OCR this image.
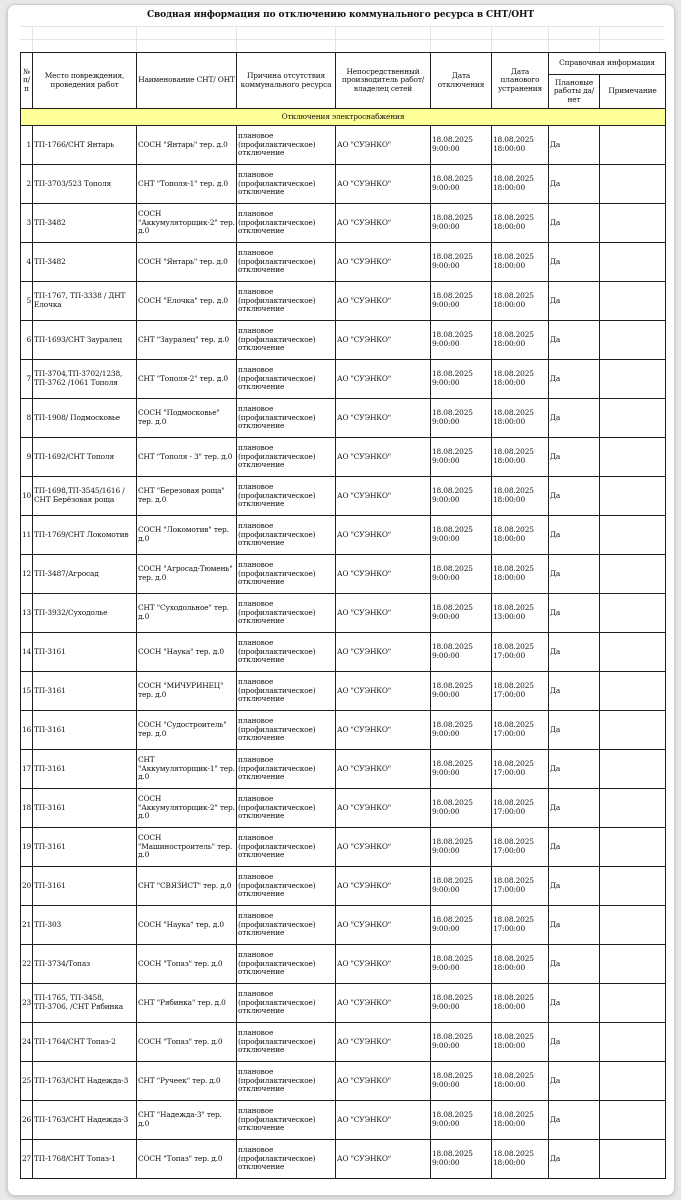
Сводная информация по отключению коммунального ресурса в СНТ/ОНТ
№ п/ п	Место повреждения, проведения работ	Наименование СНТ/ ОНТ	Причина отсутствия коммунального ресурса	Непосредственный производитель работ/ владелец сетей	Дата отключения	Дата планового устранения	Справочная информация	
							Плановые работы да/нет	Примечание
Отключения электроснабжения								
1	ТП-1766/СНТ Янтарь	СОСН "Янтарь" тер. д.0	плановое (профилактическое) отключение	АО "СУЭНКО"	18.08.2025 9:00:00	18.08.2025 18:00:00	Да	
2	ТП-3703/523 Тополя	СНТ "Тополя-1" тер. д.0	плановое (профилактическое) отключение	АО "СУЭНКО"	18.08.2025 9:00:00	18.08.2025 18:00:00	Да	
3	ТП-3482	СОСН "Аккумуляторщик-2" тер. д.0	плановое (профилактическое) отключение	АО "СУЭНКО"	18.08.2025 9:00:00	18.08.2025 18:00:00	Да	
4	ТП-3482	СОСН "Янтарь" тер. д.0	плановое (профилактическое) отключение	АО "СУЭНКО"	18.08.2025 9:00:00	18.08.2025 18:00:00	Да	
5	ТП-1767, ТП-3338 / ДНТ Елочка	СОСН "Елочка" тер. д.0	плановое (профилактическое) отключение	АО "СУЭНКО"	18.08.2025 9:00:00	18.08.2025 18:00:00	Да	
6	ТП-1693/СНТ Зауралец	СНТ "Зауралец" тер. д.0	плановое (профилактическое) отключение	АО "СУЭНКО"	18.08.2025 9:00:00	18.08.2025 18:00:00	Да	
7	ТП-3704,ТП-3702/1238, ТП-3762 /1061 Тополя	СНТ "Тополя-2" тер. д.0	плановое (профилактическое) отключение	АО "СУЭНКО"	18.08.2025 9:00:00	18.08.2025 18:00:00	Да	
8	ТП-1908/ Подмосковье	СОСН "Подмосковье" тер. д.0	плановое (профилактическое) отключение	АО "СУЭНКО"	18.08.2025 9:00:00	18.08.2025 18:00:00	Да	
9	ТП-1692/СНТ Тополя	СНТ "Тополя - 3" тер. д.0	плановое (профилактическое) отключение	АО "СУЭНКО"	18.08.2025 9:00:00	18.08.2025 18:00:00	Да	
10	ТП-1698,ТП-3545/1616 /СНТ Берёзовая роща	СНТ "Березовая роща" тер. д.0	плановое (профилактическое) отключение	АО "СУЭНКО"	18.08.2025 9:00:00	18.08.2025 18:00:00	Да	
11	ТП-1769/СНТ Локомотив	СОСН "Локомотив" тер. д.0	плановое (профилактическое) отключение	АО "СУЭНКО"	18.08.2025 9:00:00	18.08.2025 18:00:00	Да	
12	ТП-3487/Агросад	СОСН "Агросад-Тюмень" тер. д.0	плановое (профилактическое) отключение	АО "СУЭНКО"	18.08.2025 9:00:00	18.08.2025 18:00:00	Да	
13	ТП-3932/Суходолье	СНТ "Суходольное" тер. д.0	плановое (профилактическое) отключение	АО "СУЭНКО"	18.08.2025 9:00:00	18.08.2025 13:00:00	Да	
14	ТП-3161	СОСН "Наука" тер. д.0	плановое (профилактическое) отключение	АО "СУЭНКО"	18.08.2025 9:00:00	18.08.2025 17:00:00	Да	
15	ТП-3161	СОСН "МИЧУРИНЕЦ" тер. д.0	плановое (профилактическое) отключение	АО "СУЭНКО"	18.08.2025 9:00:00	18.08.2025 17:00:00	Да	
16	ТП-3161	СОСН "Судостроитель" тер. д.0	плановое (профилактическое) отключение	АО "СУЭНКО"	18.08.2025 9:00:00	18.08.2025 17:00:00	Да	
17	ТП-3161	СНТ "Аккумуляторщик-1" тер. д.0	плановое (профилактическое) отключение	АО "СУЭНКО"	18.08.2025 9:00:00	18.08.2025 17:00:00	Да	
18	ТП-3161	СОСН "Аккумуляторщик-2" тер. д.0	плановое (профилактическое) отключение	АО "СУЭНКО"	18.08.2025 9:00:00	18.08.2025 17:00:00	Да	
19	ТП-3161	СОСН "Машиностроитель" тер. д.0	плановое (профилактическое) отключение	АО "СУЭНКО"	18.08.2025 9:00:00	18.08.2025 17:00:00	Да	
20	ТП-3161	СНТ "СВЯЗИСТ" тер. д.0	плановое (профилактическое) отключение	АО "СУЭНКО"	18.08.2025 9:00:00	18.08.2025 17:00:00	Да	
21	ТП-303	СОСН "Наука" тер. д.0	плановое (профилактическое) отключение	АО "СУЭНКО"	18.08.2025 9:00:00	18.08.2025 17:00:00	Да	
22	ТП-3734/Топаз	СОСН "Топаз" тер. д.0	плановое (профилактическое) отключение	АО "СУЭНКО"	18.08.2025 9:00:00	18.08.2025 18:00:00	Да	
23	ТП-1765, ТП-3458, ТП-3706, /СНТ Рябинка	СНТ "Рябинка" тер. д.0	плановое (профилактическое) отключение	АО "СУЭНКО"	18.08.2025 9:00:00	18.08.2025 18:00:00	Да	
24	ТП-1764/СНТ Топаз-2	СОСН "Топаз" тер. д.0	плановое (профилактическое) отключение	АО "СУЭНКО"	18.08.2025 9:00:00	18.08.2025 18:00:00	Да	
25	ТП-1763/СНТ Надежда-3	СНТ "Ручеек" тер. д.0	плановое (профилактическое) отключение	АО "СУЭНКО"	18.08.2025 9:00:00	18.08.2025 18:00:00	Да	
26	ТП-1763/СНТ Надежда-3	СНТ "Надежда-3" тер. д.0	плановое (профилактическое) отключение	АО "СУЭНКО"	18.08.2025 9:00:00	18.08.2025 18:00:00	Да	
27	ТП-1768/СНТ Топаз-1	СОСН "Топаз" тер. д.0	плановое (профилактическое) отключение	АО "СУЭНКО"	18.08.2025 9:00:00	18.08.2025 18:00:00	Да	
